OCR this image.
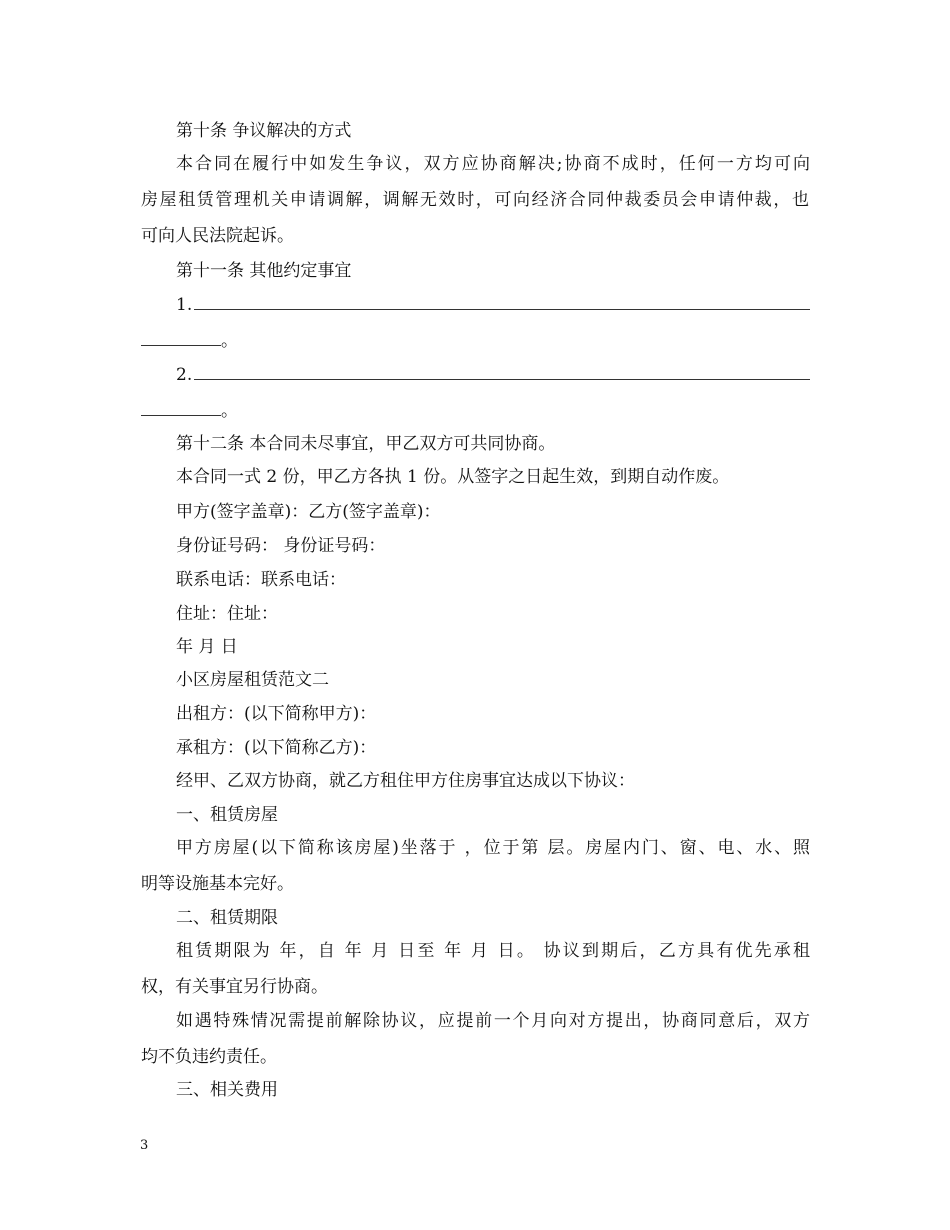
第十条 争议解决的方式
本合同在履行中如发生争议，双方应协商解决;协商不成时，任何一方均可向
房屋租赁管理机关申请调解，调解无效时，可向经济合同仲裁委员会申请仲裁，也
可向人民法院起诉。
第十一条 其他约定事宜
1.
。
2.
。
第十二条 本合同未尽事宜，甲乙双方可共同协商。
本合同一式 2 份，甲乙方各执 1 份。从签字之日起生效，到期自动作废。
甲方(签字盖章)：乙方(签字盖章)：
身份证号码： 身份证号码：
联系电话：联系电话：
住址：住址：
年 月 日
小区房屋租赁范文二
出租方：(以下简称甲方)：
承租方：(以下简称乙方)：
经甲、乙双方协商，就乙方租住甲方住房事宜达成以下协议：
一、租赁房屋
甲方房屋(以下简称该房屋)坐落于 ，位于第 层。房屋内门、窗、电、水、照
明等设施基本完好。
二、租赁期限
租赁期限为 年，自 年 月 日至 年 月 日。 协议到期后，乙方具有优先承租
权，有关事宜另行协商。
如遇特殊情况需提前解除协议，应提前一个月向对方提出，协商同意后，双方
均不负违约责任。
三、相关费用
3
